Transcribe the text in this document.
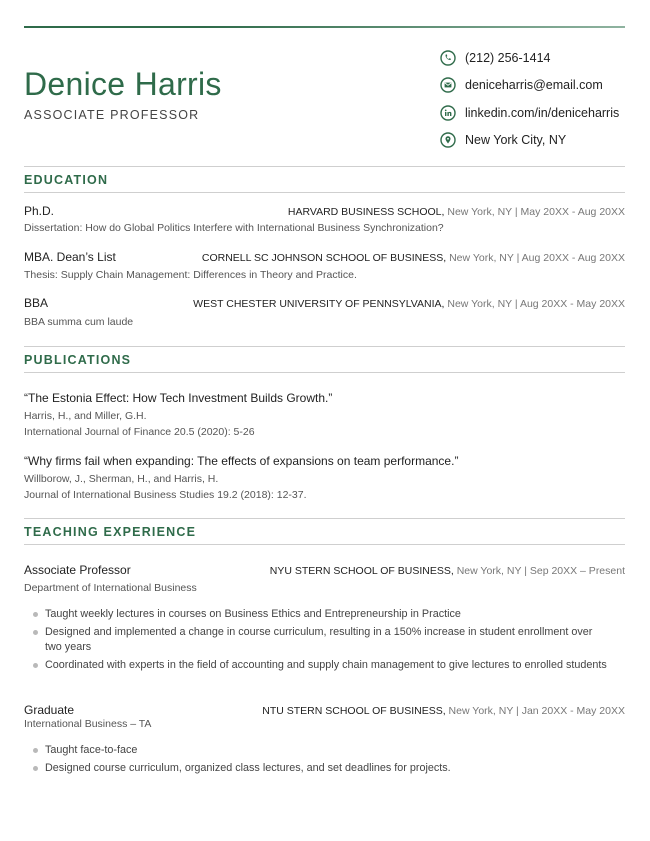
Denice Harris
ASSOCIATE PROFESSOR
(212) 256-1414
deniceharris@email.com
linkedin.com/in/deniceharris
New York City, NY
EDUCATION
Ph.D.	HARVARD BUSINESS SCHOOL, New York, NY | May 20XX - Aug 20XX
Dissertation: How do Global Politics Interfere with International Business Synchronization?
MBA. Dean’s List	CORNELL SC JOHNSON SCHOOL OF BUSINESS, New York, NY | Aug 20XX - Aug 20XX
Thesis: Supply Chain Management: Differences in Theory and Practice.
BBA	WEST CHESTER UNIVERSITY OF PENNSYLVANIA, New York, NY | Aug 20XX - May 20XX
BBA summa cum laude
PUBLICATIONS
“The Estonia Effect: How Tech Investment Builds Growth.”
Harris, H., and Miller, G.H.
International Journal of Finance 20.5 (2020): 5-26
“Why firms fail when expanding: The effects of expansions on team performance.”
Willborow, J., Sherman, H., and Harris, H.
Journal of International Business Studies 19.2 (2018): 12-37.
TEACHING EXPERIENCE
Associate Professor	NYU STERN SCHOOL OF BUSINESS, New York, NY | Sep 20XX – Present
Department of International Business
Taught weekly lectures in courses on Business Ethics and Entrepreneurship in Practice
Designed and implemented a change in course curriculum, resulting in a 150% increase in student enrollment over two years
Coordinated with experts in the field of accounting and supply chain management to give lectures to enrolled students
Graduate	NTU STERN SCHOOL OF BUSINESS, New York, NY | Jan 20XX - May 20XX
International Business – TA
Taught face-to-face
Designed course curriculum, organized class lectures, and set deadlines for projects.
